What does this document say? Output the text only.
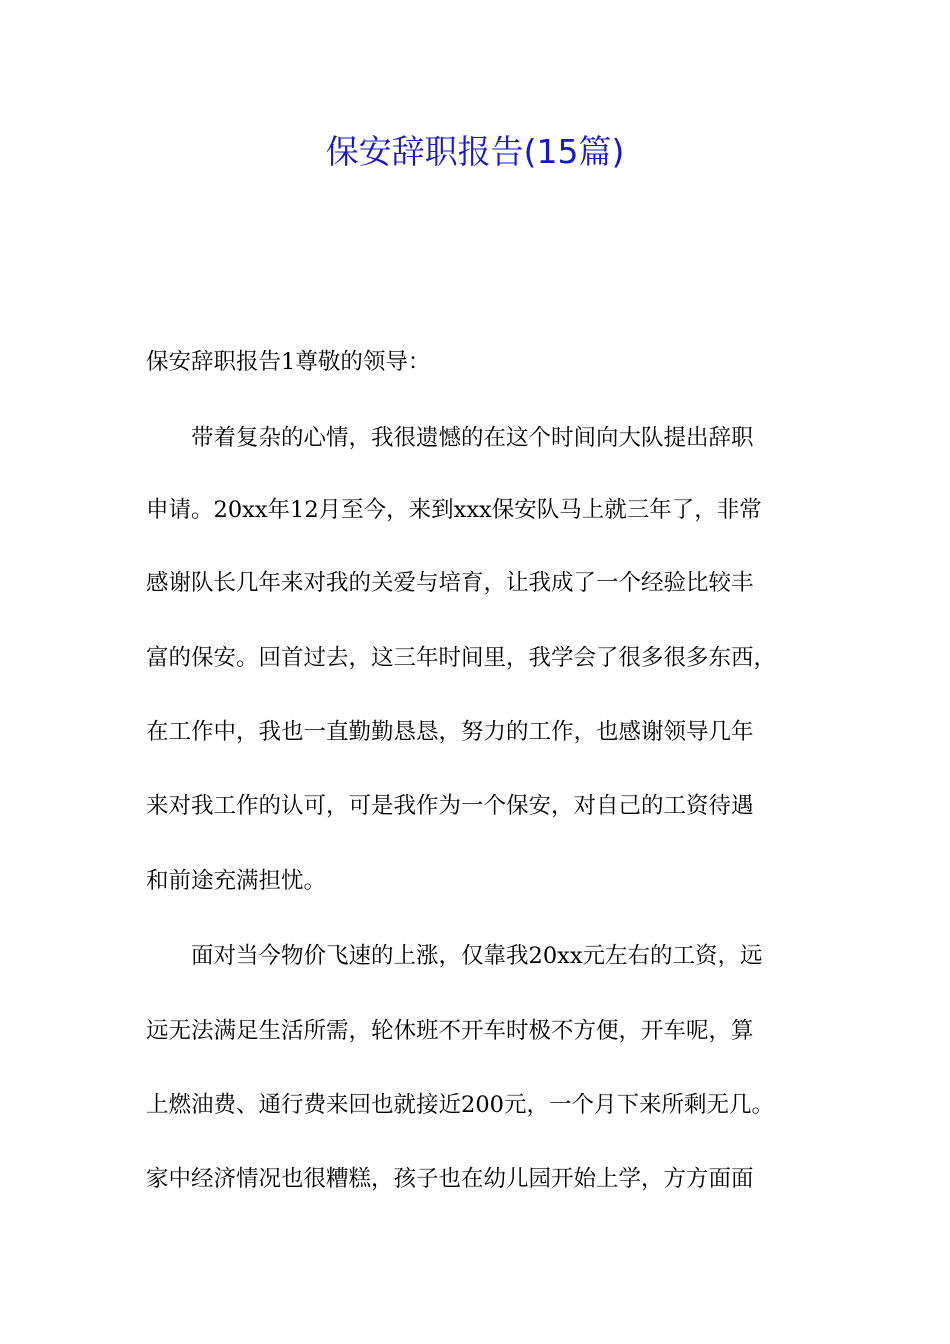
保安辞职报告(15篇)
保安辞职报告1尊敬的领导：
　　带着复杂的心情，我很遗憾的在这个时间向大队提出辞职
申请。20xx年12月至今，来到xxx保安队马上就三年了，非常
感谢队长几年来对我的关爱与培育，让我成了一个经验比较丰
富的保安。回首过去，这三年时间里，我学会了很多很多东西，
在工作中，我也一直勤勤恳恳，努力的工作，也感谢领导几年
来对我工作的认可，可是我作为一个保安，对自己的工资待遇
和前途充满担忧。
　　面对当今物价飞速的上涨，仅靠我20xx元左右的工资，远
远无法满足生活所需，轮休班不开车时极不方便，开车呢，算
上燃油费、通行费来回也就接近200元，一个月下来所剩无几。
家中经济情况也很糟糕，孩子也在幼儿园开始上学，方方面面
